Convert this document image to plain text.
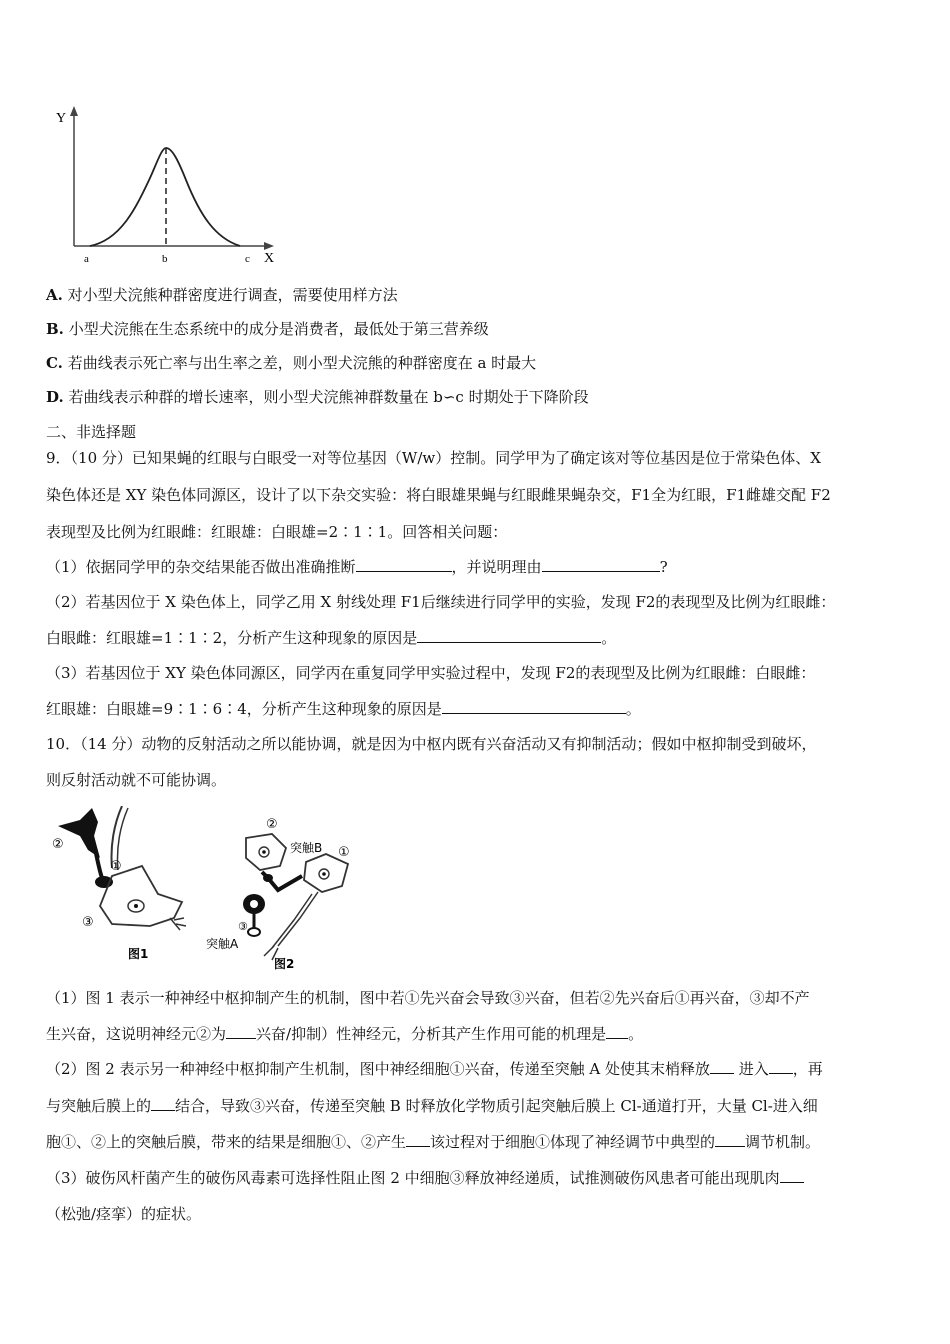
Y
X
a	b	c
A. 对小型犬浣熊种群密度进行调查，需要使用样方法
B. 小型犬浣熊在生态系统中的成分是消费者，最低处于第三营养级
C. 若曲线表示死亡率与出生率之差，则小型犬浣熊的种群密度在 a 时最大
D. 若曲线表示种群的增长速率，则小型犬浣熊神群数量在 b∽c 时期处于下降阶段
二、非选择题
9．（10 分）已知果蝇的红眼与白眼受一对等位基因（W/w）控制。同学甲为了确定该对等位基因是位于常染色体、X
染色体还是 XY 染色体同源区，设计了以下杂交实验：将白眼雄果蝇与红眼雌果蝇杂交，F1全为红眼，F1雌雄交配 F2
表现型及比例为红眼雌：红眼雄：白眼雄=2∶1∶1。回答相关问题：
（1）依据同学甲的杂交结果能否做出准确推断	，并说明理由	?
（2）若基因位于 X 染色体上，同学乙用 X 射线处理 F1后继续进行同学甲的实验，发现 F2的表现型及比例为红眼雌：
白眼雌：红眼雄=1∶1∶2，分析产生这种现象的原因是	。
（3）若基因位于 XY 染色体同源区，同学丙在重复同学甲实验过程中，发现 F2的表现型及比例为红眼雌：白眼雌：
红眼雄：白眼雄=9∶1∶6∶4，分析产生这种现象的原因是	。
10．（14 分）动物的反射活动之所以能协调，就是因为中枢内既有兴奋活动又有抑制活动；假如中枢抑制受到破坏，
则反射活动就不可能协调。
②
①
③
图1
②
突触B ①
③
突触A
图2
（1）图 1 表示一种神经中枢抑制产生的机制，图中若①先兴奋会导致③兴奋，但若②先兴奋后①再兴奋，③却不产
生兴奋，这说明神经元②为 兴奋/抑制）性神经元，分析其产生作用可能的机理是 。
（2）图 2 表示另一种神经中枢抑制产生机制，图中神经细胞①兴奋，传递至突触 A 处使其末梢释放 进入 ，再
与突触后膜上的 结合，导致③兴奋，传递至突触 B 时释放化学物质引起突触后膜上 Cl-通道打开，大量 Cl-进入细
胞①、②上的突触后膜，带来的结果是细胞①、②产生 该过程对于细胞①体现了神经调节中典型的 调节机制。
（3）破伤风杆菌产生的破伤风毒素可选择性阻止图 2 中细胞③释放神经递质，试推测破伤风患者可能出现肌肉
（松弛/痉挛）的症状。
